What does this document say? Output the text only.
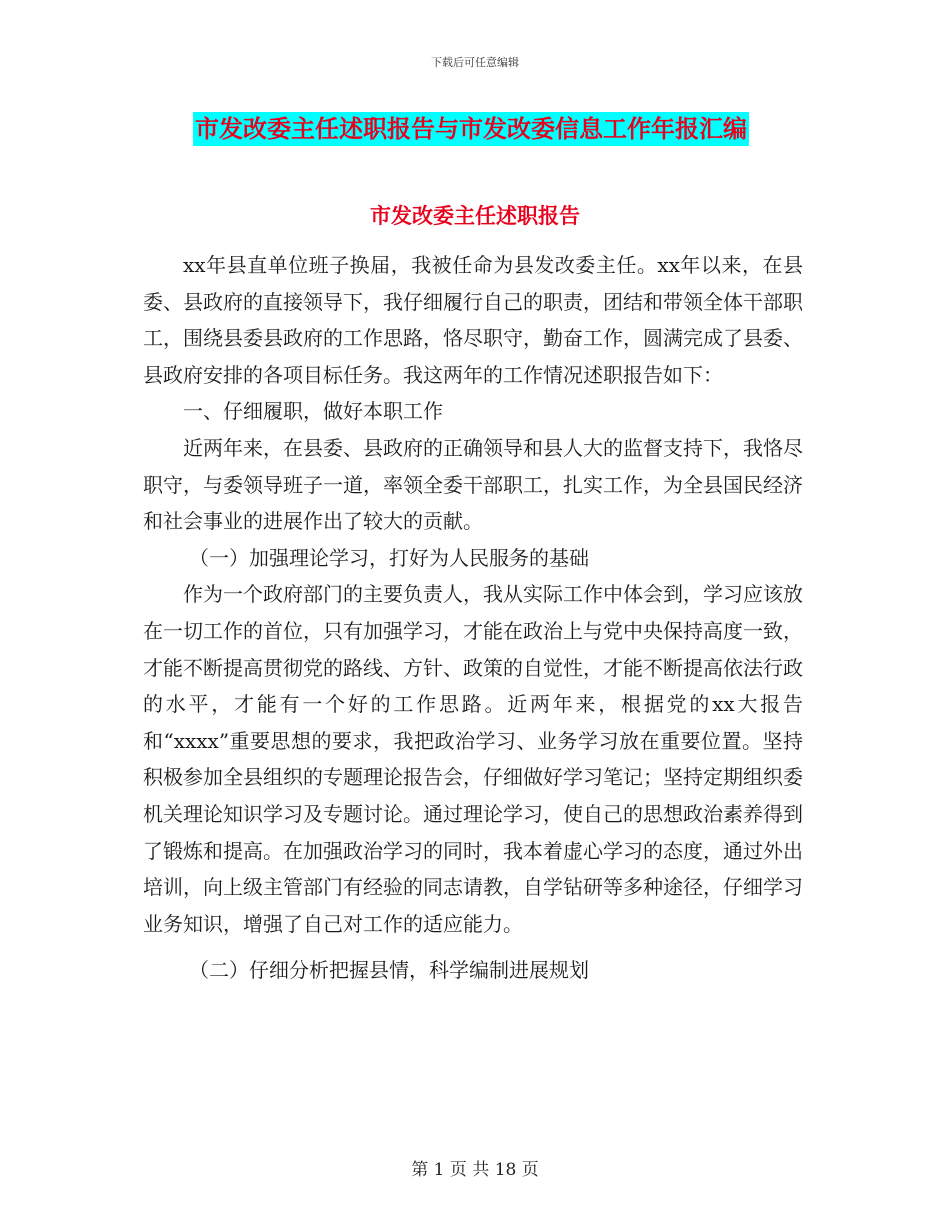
下载后可任意编辑
市发改委主任述职报告与市发改委信息工作年报汇编
市发改委主任述职报告

xx年县直单位班子换届，我被任命为县发改委主任。xx年以来，在县委、县政府的直接领导下，我仔细履行自己的职责，团结和带领全体干部职工，围绕县委县政府的工作思路，恪尽职守，勤奋工作，圆满完成了县委、县政府安排的各项目标任务。我这两年的工作情况述职报告如下：

一、仔细履职，做好本职工作

近两年来，在县委、县政府的正确领导和县人大的监督支持下，我恪尽职守，与委领导班子一道，率领全委干部职工，扎实工作，为全县国民经济和社会事业的进展作出了较大的贡献。

（一）加强理论学习，打好为人民服务的基础

作为一个政府部门的主要负责人，我从实际工作中体会到，学习应该放在一切工作的首位，只有加强学习，才能在政治上与党中央保持高度一致，才能不断提高贯彻党的路线、方针、政策的自觉性，才能不断提高依法行政的水平，才能有一个好的工作思路。近两年来，根据党的xx大报告和“xxxx”重要思想的要求，我把政治学习、业务学习放在重要位置。坚持积极参加全县组织的专题理论报告会，仔细做好学习笔记；坚持定期组织委机关理论知识学习及专题讨论。通过理论学习，使自己的思想政治素养得到了锻炼和提高。在加强政治学习的同时，我本着虚心学习的态度，通过外出培训，向上级主管部门有经验的同志请教，自学钻研等多种途径，仔细学习业务知识，增强了自己对工作的适应能力。

（二）仔细分析把握县情，科学编制进展规划

第 1 页 共 18 页
